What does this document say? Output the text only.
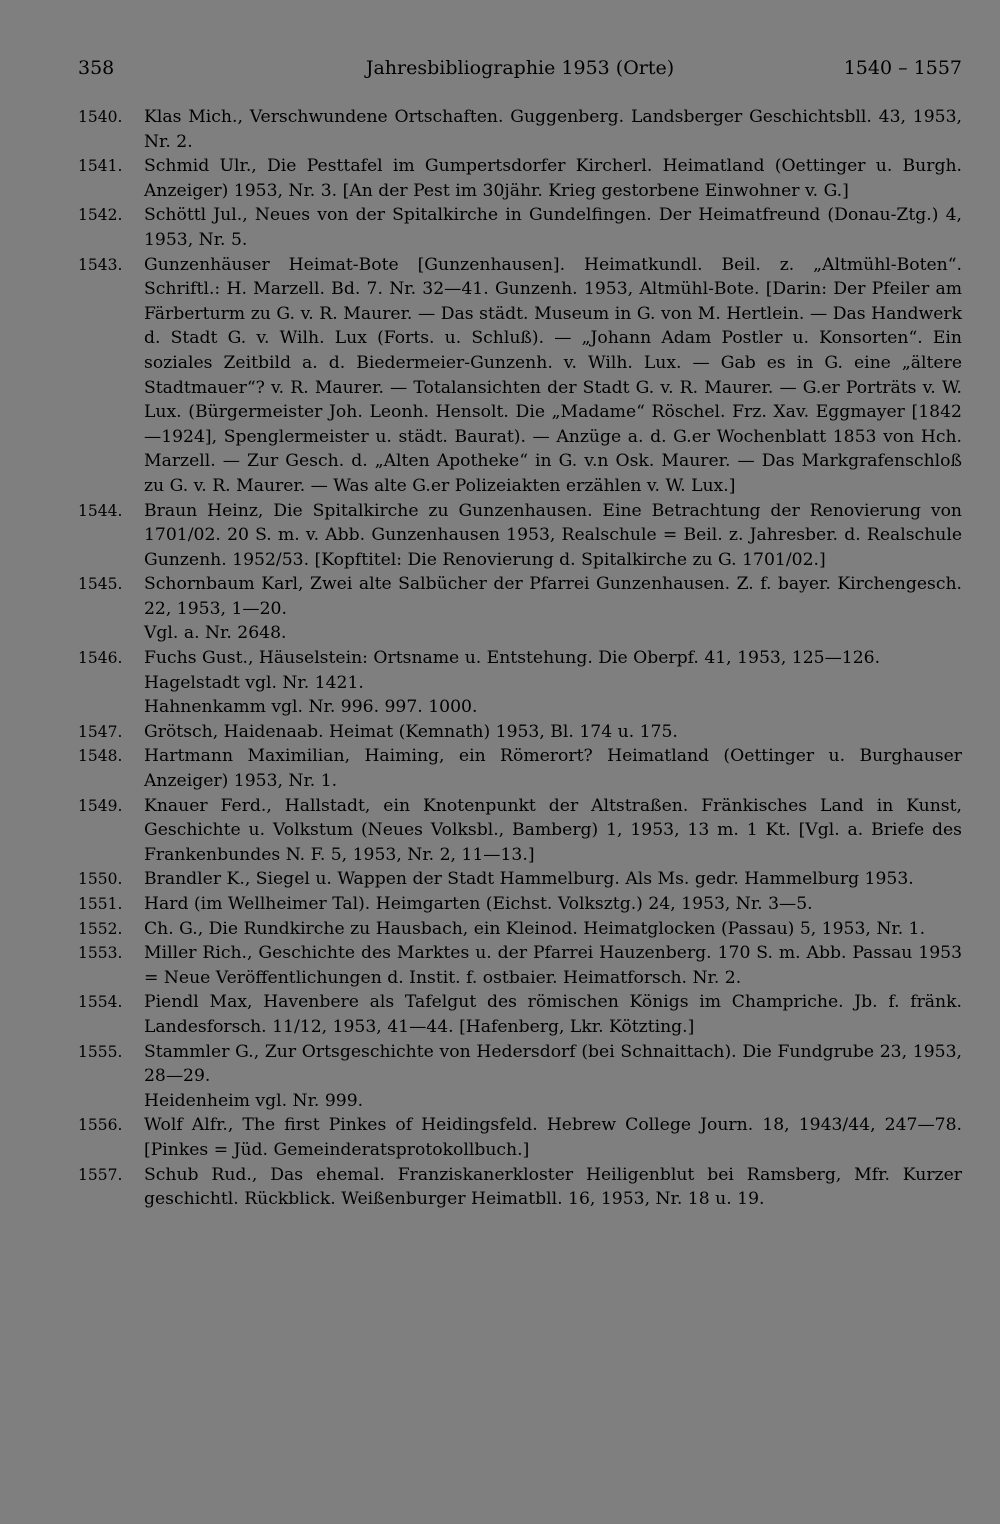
358	Jahresbibliographie 1953 (Orte)	1540 – 1557
1540. Klas Mich., Verschwundene Ortschaften. Guggenberg. Landsberger Geschichtsbll. 43, 1953, Nr. 2.
1541. Schmid Ulr., Die Pesttafel im Gumpertsdorfer Kircherl. Heimatland (Oettinger u. Burgh. Anzeiger) 1953, Nr. 3. [An der Pest im 30jähr. Krieg gestorbene Einwohner v. G.]
1542. Schöttl Jul., Neues von der Spitalkirche in Gundelfingen. Der Heimatfreund (Donau-Ztg.) 4, 1953, Nr. 5.
1543. Gunzenhäuser Heimat-Bote [Gunzenhausen]. Heimatkundl. Beil. z. „Altmühl-Boten“. Schriftl.: H. Marzell. Bd. 7. Nr. 32—41. Gunzenh. 1953, Altmühl-Bote. [Darin: Der Pfeiler am Färberturm zu G. v. R. Maurer. — Das städt. Museum in G. von M. Hertlein. — Das Handwerk d. Stadt G. v. Wilh. Lux (Forts. u. Schluß). — „Johann Adam Postler u. Konsorten“. Ein soziales Zeitbild a. d. Biedermeier-Gunzenh. v. Wilh. Lux. — Gab es in G. eine „ältere Stadtmauer“? v. R. Maurer. — Totalansichten der Stadt G. v. R. Maurer. — G.er Porträts v. W. Lux. (Bürgermeister Joh. Leonh. Hensolt. Die „Madame“ Röschel. Frz. Xav. Eggmayer [1842—1924], Spenglermeister u. städt. Baurat). — Anzüge a. d. G.er Wochenblatt 1853 von Hch. Marzell. — Zur Gesch. d. „Alten Apotheke“ in G. v.n Osk. Maurer. — Das Markgrafenschloß zu G. v. R. Maurer. — Was alte G.er Polizeiakten erzählen v. W. Lux.]
1544. Braun Heinz, Die Spitalkirche zu Gunzenhausen. Eine Betrachtung der Renovierung von 1701/02. 20 S. m. v. Abb. Gunzenhausen 1953, Realschule = Beil. z. Jahresber. d. Realschule Gunzenh. 1952/53. [Kopftitel: Die Renovierung d. Spitalkirche zu G. 1701/02.]
1545. Schornbaum Karl, Zwei alte Salbücher der Pfarrei Gunzenhausen. Z. f. bayer. Kirchengesch. 22, 1953, 1—20.
Vgl. a. Nr. 2648.
1546. Fuchs Gust., Häuselstein: Ortsname u. Entstehung. Die Oberpf. 41, 1953, 125—126.
Hagelstadt vgl. Nr. 1421.
Hahnenkamm vgl. Nr. 996. 997. 1000.
1547. Grötsch, Haidenaab. Heimat (Kemnath) 1953, Bl. 174 u. 175.
1548. Hartmann Maximilian, Haiming, ein Römerort? Heimatland (Oettinger u. Burghauser Anzeiger) 1953, Nr. 1.
1549. Knauer Ferd., Hallstadt, ein Knotenpunkt der Altstraßen. Fränkisches Land in Kunst, Geschichte u. Volkstum (Neues Volksbl., Bamberg) 1, 1953, 13 m. 1 Kt. [Vgl. a. Briefe des Frankenbundes N. F. 5, 1953, Nr. 2, 11—13.]
1550. Brandler K., Siegel u. Wappen der Stadt Hammelburg. Als Ms. gedr. Hammelburg 1953.
1551. Hard (im Wellheimer Tal). Heimgarten (Eichst. Volksztg.) 24, 1953, Nr. 3—5.
1552. Ch. G., Die Rundkirche zu Hausbach, ein Kleinod. Heimatglocken (Passau) 5, 1953, Nr. 1.
1553. Miller Rich., Geschichte des Marktes u. der Pfarrei Hauzenberg. 170 S. m. Abb. Passau 1953 = Neue Veröffentlichungen d. Instit. f. ostbaier. Heimatforsch. Nr. 2.
1554. Piendl Max, Havenbere als Tafelgut des römischen Königs im Champriche. Jb. f. fränk. Landesforsch. 11/12, 1953, 41—44. [Hafenberg, Lkr. Kötzting.]
1555. Stammler G., Zur Ortsgeschichte von Hedersdorf (bei Schnaittach). Die Fundgrube 23, 1953, 28—29.
Heidenheim vgl. Nr. 999.
1556. Wolf Alfr., The first Pinkes of Heidingsfeld. Hebrew College Journ. 18, 1943/44, 247—78. [Pinkes = Jüd. Gemeinderatsprotokollbuch.]
1557. Schub Rud., Das ehemal. Franziskanerkloster Heiligenblut bei Ramsberg, Mfr. Kurzer geschichtl. Rückblick. Weißenburger Heimatbll. 16, 1953, Nr. 18 u. 19.
